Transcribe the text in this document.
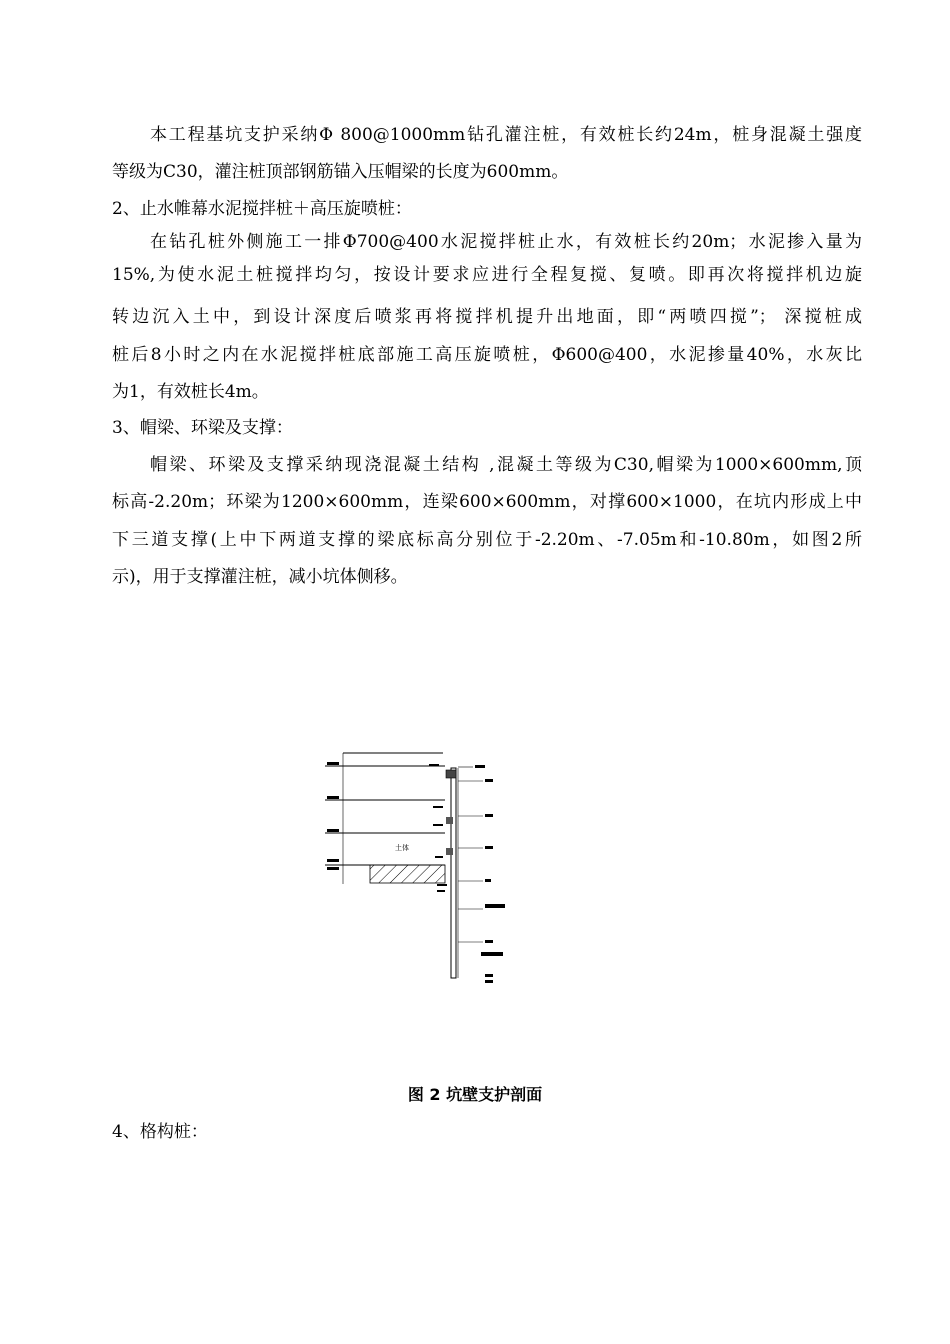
本工程基坑支护采纳Φ 800@1000mm钻孔灌注桩，有效桩长约24m，桩身混凝土强度
等级为C30，灌注桩顶部钢筋锚入压帽梁的长度为600mm。
2、止水帷幕水泥搅拌桩＋高压旋喷桩：
在钻孔桩外侧施工一排Φ700@400水泥搅拌桩止水，有效桩长约20m；水泥掺入量为
15%,为使水泥土桩搅拌均匀，按设计要求应进行全程复搅、复喷。即再次将搅拌机边旋
转边沉入土中，到设计深度后喷浆再将搅拌机提升出地面，即“两喷四搅”； 深搅桩成
桩后8小时之内在水泥搅拌桩底部施工高压旋喷桩，Φ600@400，水泥掺量40%，水灰比
为1，有效桩长4m。
3、帽梁、环梁及支撑：
帽梁、环梁及支撑采纳现浇混凝土结构 ,混凝土等级为C30,帽梁为1000×600mm,顶
标高-2.20m；环梁为1200×600mm，连梁600×600mm，对撑600×1000，在坑内形成上中
下三道支撑(上中下两道支撑的梁底标高分别位于-2.20m、-7.05m和-10.80m，如图2所
示)，用于支撑灌注桩，减小坑体侧移。
土体
图 2 坑壁支护剖面
4、格构桩：
